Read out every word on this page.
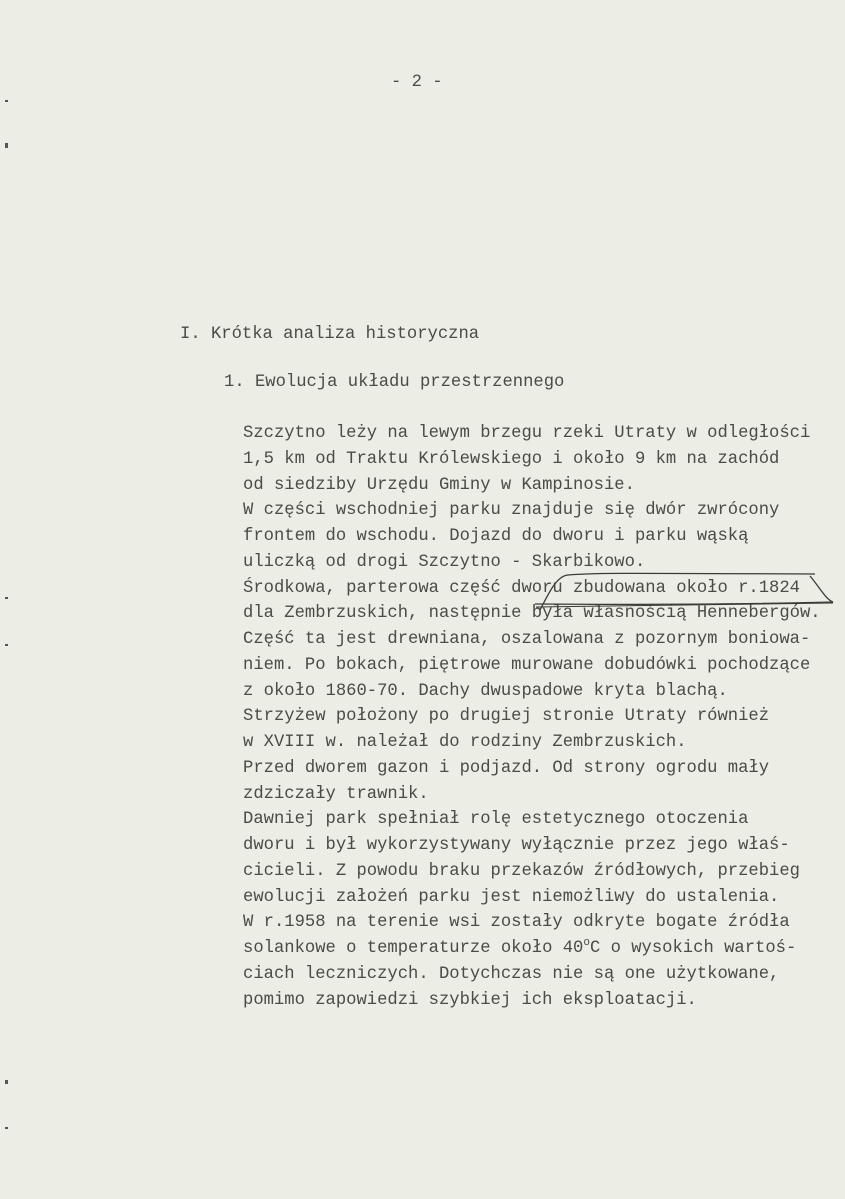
- 2 -
I. Krótka analiza historyczna
1. Ewolucja układu przestrzennego
Szczytno leży na lewym brzegu rzeki Utraty w odległości
1,5 km od Traktu Królewskiego i około 9 km na zachód
od siedziby Urzędu Gminy w Kampinosie.
W części wschodniej parku znajduje się dwór zwrócony
frontem do wschodu. Dojazd do dworu i parku wąską
uliczką od drogi Szczytno - Skarbikowo.
Środkowa, parterowa część dworu zbudowana około r.1824
dla Zembrzuskich, następnie była własnością Hennebergów.
Część ta jest drewniana, oszalowana z pozornym boniowa-
niem. Po bokach, piętrowe murowane dobudówki pochodzące
z około 1860-70. Dachy dwuspadowe kryta blachą.
Strzyżew położony po drugiej stronie Utraty również
w XVIII w. należał do rodziny Zembrzuskich.
Przed dworem gazon i podjazd. Od strony ogrodu mały
zdziczały trawnik.
Dawniej park spełniał rolę estetycznego otoczenia
dworu i był wykorzystywany wyłącznie przez jego właś-
cicieli. Z powodu braku przekazów źródłowych, przebieg
ewolucji założeń parku jest niemożliwy do ustalenia.
W r.1958 na terenie wsi zostały odkryte bogate źródła
solankowe o temperaturze około 40$^o$C o wysokich wartoś-
ciach leczniczych. Dotychczas nie są one użytkowane,
pomimo zapowiedzi szybkiej ich eksploatacji.
